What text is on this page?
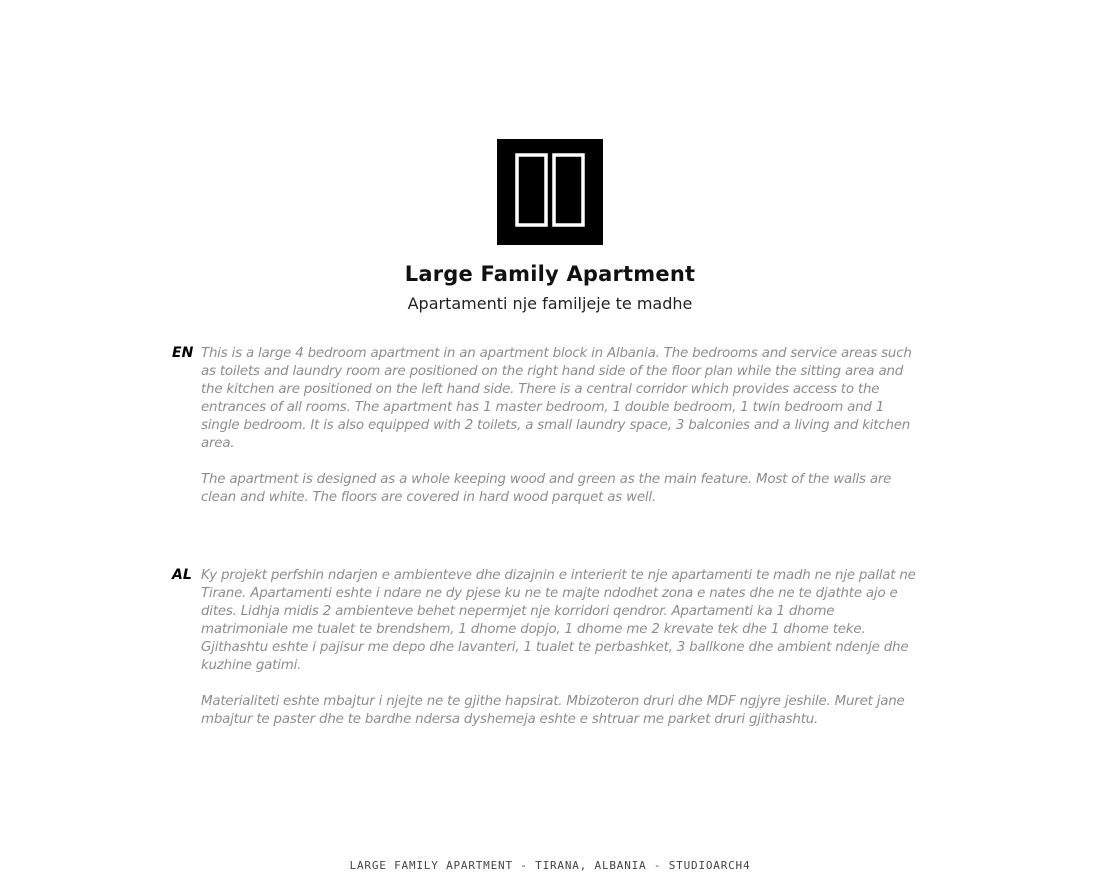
Large Family Apartment
Apartamenti nje familjeje te madhe
EN This is a large 4 bedroom apartment in an apartment block in Albania. The bedrooms and service areas such as toilets and laundry room are positioned on the right hand side of the floor plan while the sitting area and the kitchen are positioned on the left hand side. There is a central corridor which provides access to the entrances of all rooms. The apartment has 1 master bedroom, 1 double bedroom, 1 twin bedroom and 1 single bedroom. It is also equipped with 2 toilets, a small laundry space, 3 balconies and a living and kitchen area.

The apartment is designed as a whole keeping wood and green as the main feature. Most of the walls are clean and white. The floors are covered in hard wood parquet as well.

AL Ky projekt perfshin ndarjen e ambienteve dhe dizajnin e interierit te nje apartamenti te madh ne nje pallat ne Tirane. Apartamenti eshte i ndare ne dy pjese ku ne te majte ndodhet zona e nates dhe ne te djathte ajo e dites. Lidhja midis 2 ambienteve behet nepermjet nje korridori qendror. Apartamenti ka 1 dhome matrimoniale me tualet te brendshem, 1 dhome dopjo, 1 dhome me 2 krevate tek dhe 1 dhome teke. Gjithashtu eshte i pajisur me depo dhe lavanteri, 1 tualet te perbashket, 3 ballkone dhe ambient ndenje dhe kuzhine gatimi.

Materialiteti eshte mbajtur i njejte ne te gjithe hapsirat. Mbizoteron druri dhe MDF ngjyre jeshile. Muret jane mbajtur te paster dhe te bardhe ndersa dyshemeja eshte e shtruar me parket druri gjithashtu.

LARGE FAMILY APARTMENT - TIRANA, ALBANIA - STUDIOARCH4
